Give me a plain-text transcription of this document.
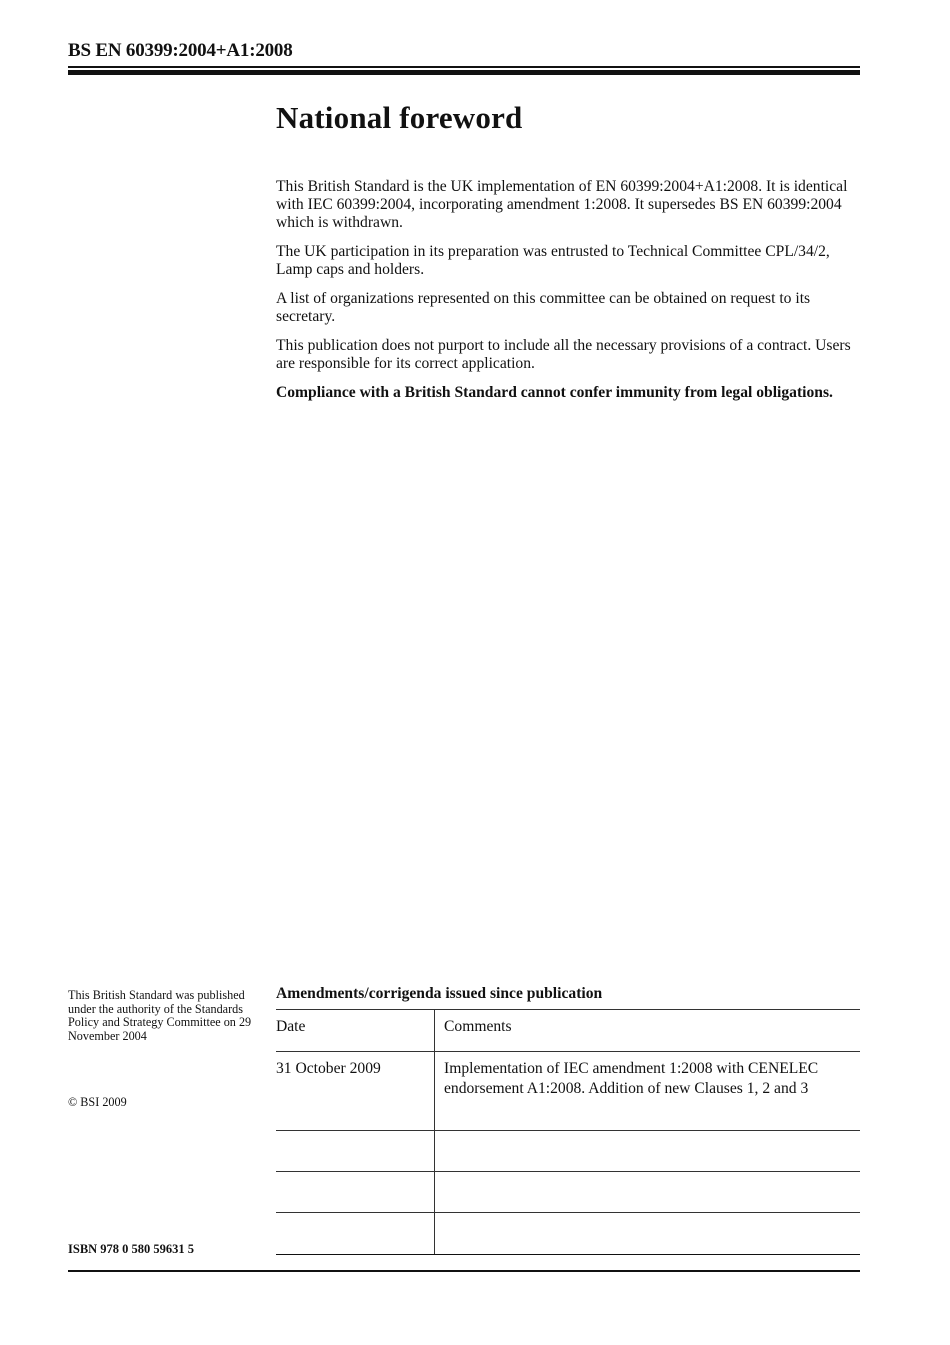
BS EN 60399:2004+A1:2008
National foreword

This British Standard is the UK implementation of EN 60399:2004+A1:2008. It is identical with IEC 60399:2004, incorporating amendment 1:2008. It supersedes BS EN 60399:2004 which is withdrawn.

The UK participation in its preparation was entrusted to Technical Committee CPL/34/2, Lamp caps and holders.

A list of organizations represented on this committee can be obtained on request to its secretary.

This publication does not purport to include all the necessary provisions of a contract. Users are responsible for its correct application.

Compliance with a British Standard cannot confer immunity from legal obligations.

This British Standard was published under the authority of the Standards Policy and Strategy Committee on 29 November 2004
© BSI 2009
ISBN 978 0 580 59631 5
Amendments/corrigenda issued since publication
Date	Comments
31 October 2009	Implementation of IEC amendment 1:2008 with CENELEC endorsement A1:2008. Addition of new Clauses 1, 2 and 3
